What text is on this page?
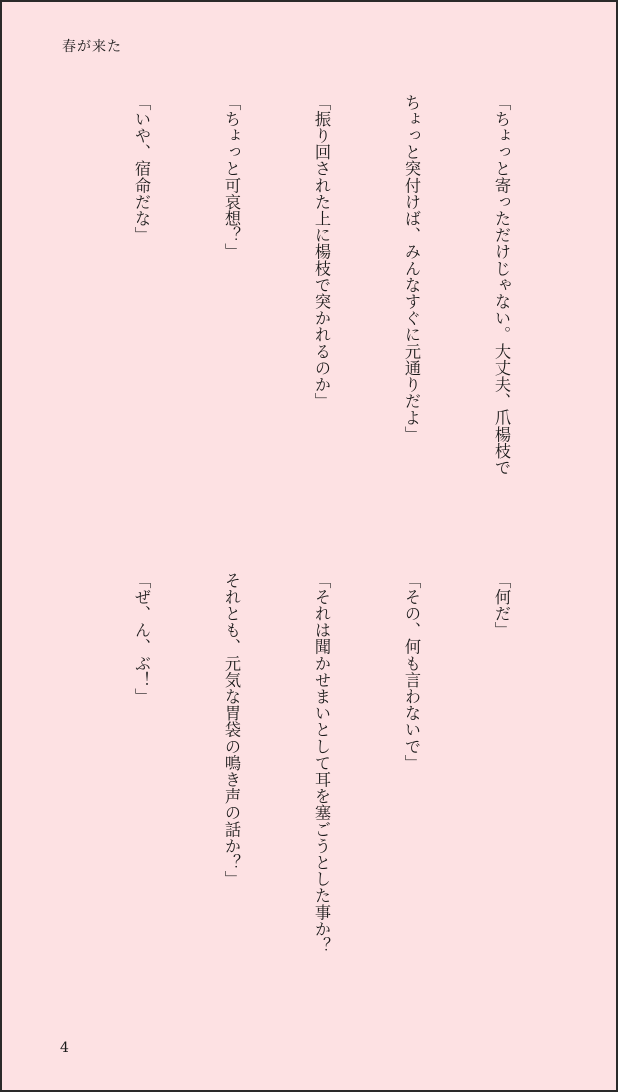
春が来た

「ちょっと寄っただけじゃない。大丈夫、爪楊枝で

ちょっと突付けば、みんなすぐに元通りだよ」

「振り回された上に楊枝で突かれるのか」

「ちょっと可哀想？」

「いや、宿命だな」

「何だ」

「その、何も言わないで」

「それは聞かせまいとして耳を塞ごうとした事か？

それとも、元気な胃袋の鳴き声の話か？」

「ぜ、ん、ぶ！」

4
